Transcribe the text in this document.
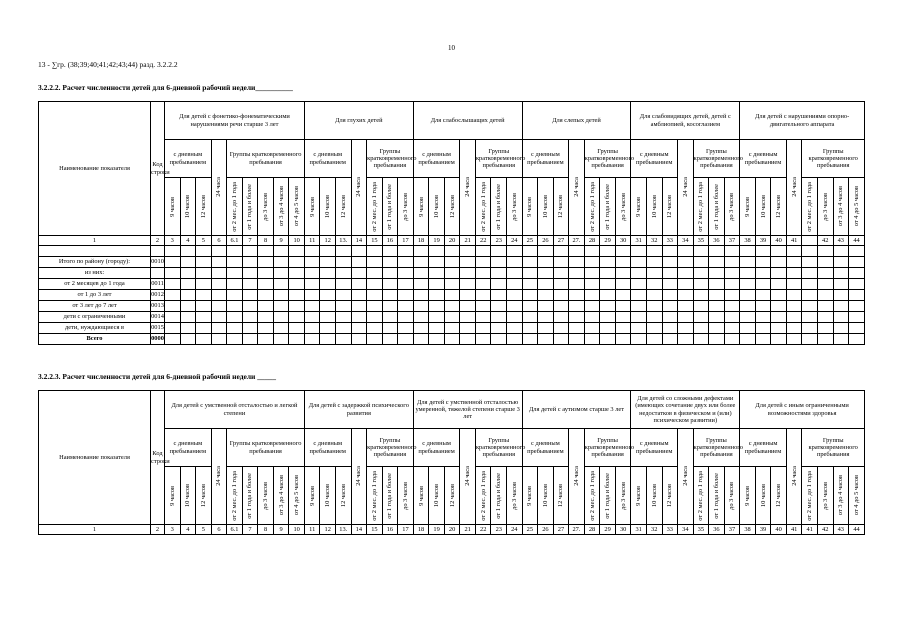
10
13 - ∑гр. (38;39;40;41;42;43;44) разд. 3.2.2.2
3.2.2.2. Расчет численности детей для 6-дневной рабочий недели__________
Наименование показателя	Код строки	Для детей с фонетико-фонематическими нарушениями речи старше 3 лет									Для глухих детей							Для слабослышащих детей							Для слепых детей							Для слабовидящих детей, детей с амблиопией, косоглазием							Для детей с нарушениями опорно-двигательного аппарата							
		с дневным пребыванием			24 часа	Группы кратковременного пребывания					с дневным пребыванием			24 часа	Группы кратковременного пребывания			с дневным пребыванием			24 часа	Группы кратковременного пребывания			с дневным пребыванием			24 часа	Группы кратковременного пребывания			с дневным пребыванием			24 часа	Группы кратковременного пребывания			с дневным пребыванием			24 часа	Группы кратковременного пребывания			
		9 часов	10 часов	12 часов		от 2 мес. до 1 года	от 1 года и более	до 3 часов	от 3 до 4 часов	от 4 до 5 часов	9 часов	10 часов	12 часов		от 2 мес. до 1 года	от 1 года и более	до 3 часов	9 часов	10 часов	12 часов		от 2 мес. до 1 года	от 1 года и более	до 3 часов	9 часов	10 часов	12 часов		от 2 мес. до 1 года	от 1 года и более	до 3 часов	9 часов	10 часов	12 часов		от 2 мес. до 1 года	от 1 года и более	до 3 часов	9 часов	10 часов	12 часов		от 2 мес. до 1 года	до 3 часов	от 3 до 4 часов	от 4 до 5 часов

1	2	3	4	5	6	6.1	7	8	9	10	11	12	13.	14	15	16	17	18	19	20	21	22	23	24	25	26	27	27.	28	29	30	31	32	33	34	35	36	37	38	39	40	41		42	43	44

Итого по району (городу):	0010																																													
из них:																																														
от 2 месяцев до 1 года	0011																																													
от 1 до 3 лет	0012																																													
от 3 лет до 7 лет	0013																																													
дети с ограниченными	0014																																													
дети, нуждающиеся в	0015																																													
Всего	0000																																													
3.2.2.3. Расчет численности детей для 6-дневной рабочий недели _____
Наименование показателя	Код строки	Для детей с умственной отсталостью и легкой степени									Для детей с задержкой психического развития							Для детей с умственной отсталостью умеренной, тяжелой степени старше 3 лет							Для детей с аутизмом старше 3 лет							Для детей со сложными дефектами (имеющих сочетание двух или более недостатков в физическом и (или) психическом развитии)							Для детей с иным ограниченными возможностями здоровья							
		с дневным пребыванием			24 часа	Группы кратковременного пребывания					с дневным пребыванием			24 часа	Группы кратковременного пребывания			с дневным пребыванием			24 часа	Группы кратковременного пребывания			с дневным пребыванием			24 часа	Группы кратковременного пребывания			с дневным пребыванием			24 часа	Группы кратковременного пребывания			с дневным пребыванием			24 часа	Группы кратковременного пребывания			
		9 часов	10 часов	12 часов		от 2 мес. до 1 года	от 1 года и более	до 3 часов	от 3 до 4 часов	от 4 до 5 часов	9 часов	10 часов	12 часов		от 2 мес. до 1 года	от 1 года и более	до 3 часов	9 часов	10 часов	12 часов		от 2 мес. до 1 года	от 1 года и более	до 3 часов	9 часов	10 часов	12 часов		от 2 мес. до 1 года	от 1 года и более	до 3 часов	9 часов	10 часов	12 часов		от 2 мес. до 1 года	от 1 года и более	до 3 часов	9 часов	10 часов	12 часов		от 2 мес. до 1 года	до 3 часов	от 3 до 4 часов	от 4 до 5 часов

1	2	3	4	5	6	6.1	7	8	9	10	11	12	13.	14	15	16	17	18	19	20	21	22	23	24	25	26	27	27.	28	29	30	31	32	33	34	35	36	37	38	39	40	41	41	42	43	44
